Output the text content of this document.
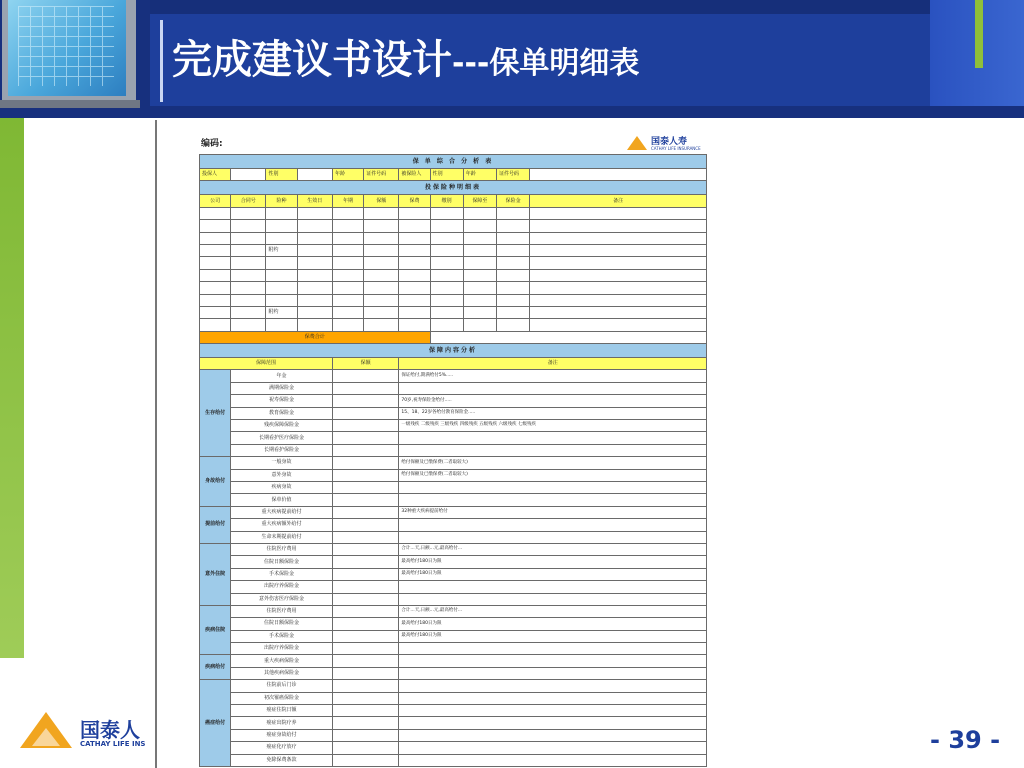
完成建议书设计---保单明细表
编码:	国泰人寿
CATHAY LIFE INSURANCE
保 单 综 合 分 析 表										
投保人		性别		年龄	证件号码	被保险人	性别	年龄	证件号码	
投保险种明细表										
公司	合同号	险种	生效日	年期	保额	保费	缴别	保障至	保险金	备注

		附约								

		附约								

保费合计										
保障内容分析										
保障范围				保额		备注				
生存给付	年金					保证给付,期满给付5%.....				
	满期保险金									
	祝寿保险金					70岁,祝寿保险金给付.....				
	教育保险金					15、18、22岁各给付教育保险金.....				
	残疾保障保险金					一级残疾 二级残疾 三级残疾 四级残疾 五级残疾 六级残疾 七级残疾				
	长期看护医疗保险金									
	长期看护保险金									
身故给付	一般身故					给付保额及已缴保费(二者取较大)				
	意外身故					给付保额及已缴保费(二者取较大)				
	疾病身故									
	保单价值									
提前给付	重大疾病提前给付					32种重大疾病提前给付				
	重大疾病额外给付									
	生命末期提前给付									
意外住院	住院医疗费用					合计...天,日额...元,最高给付...				
	住院日额保险金					最高给付180日为限				
	手术保险金					最高给付180日为限				
	出院疗养保险金									
	意外伤害医疗保险金									
疾病住院	住院医疗费用					合计...天,日额...元,最高给付...				
	住院日额保险金					最高给付180日为限				
	手术保险金					最高给付180日为限				
	出院疗养保险金									
疾病给付	重大疾病保险金									
	其他疾病保险金									
癌症给付	住院前后门诊									
	初次罹癌保险金									
	癌症住院日额									
	癌症出院疗养									
	癌症身故给付									
	癌症化疗放疗									
	免除保费条款									
国泰人
CATHAY LIFE INS	- 39 -
